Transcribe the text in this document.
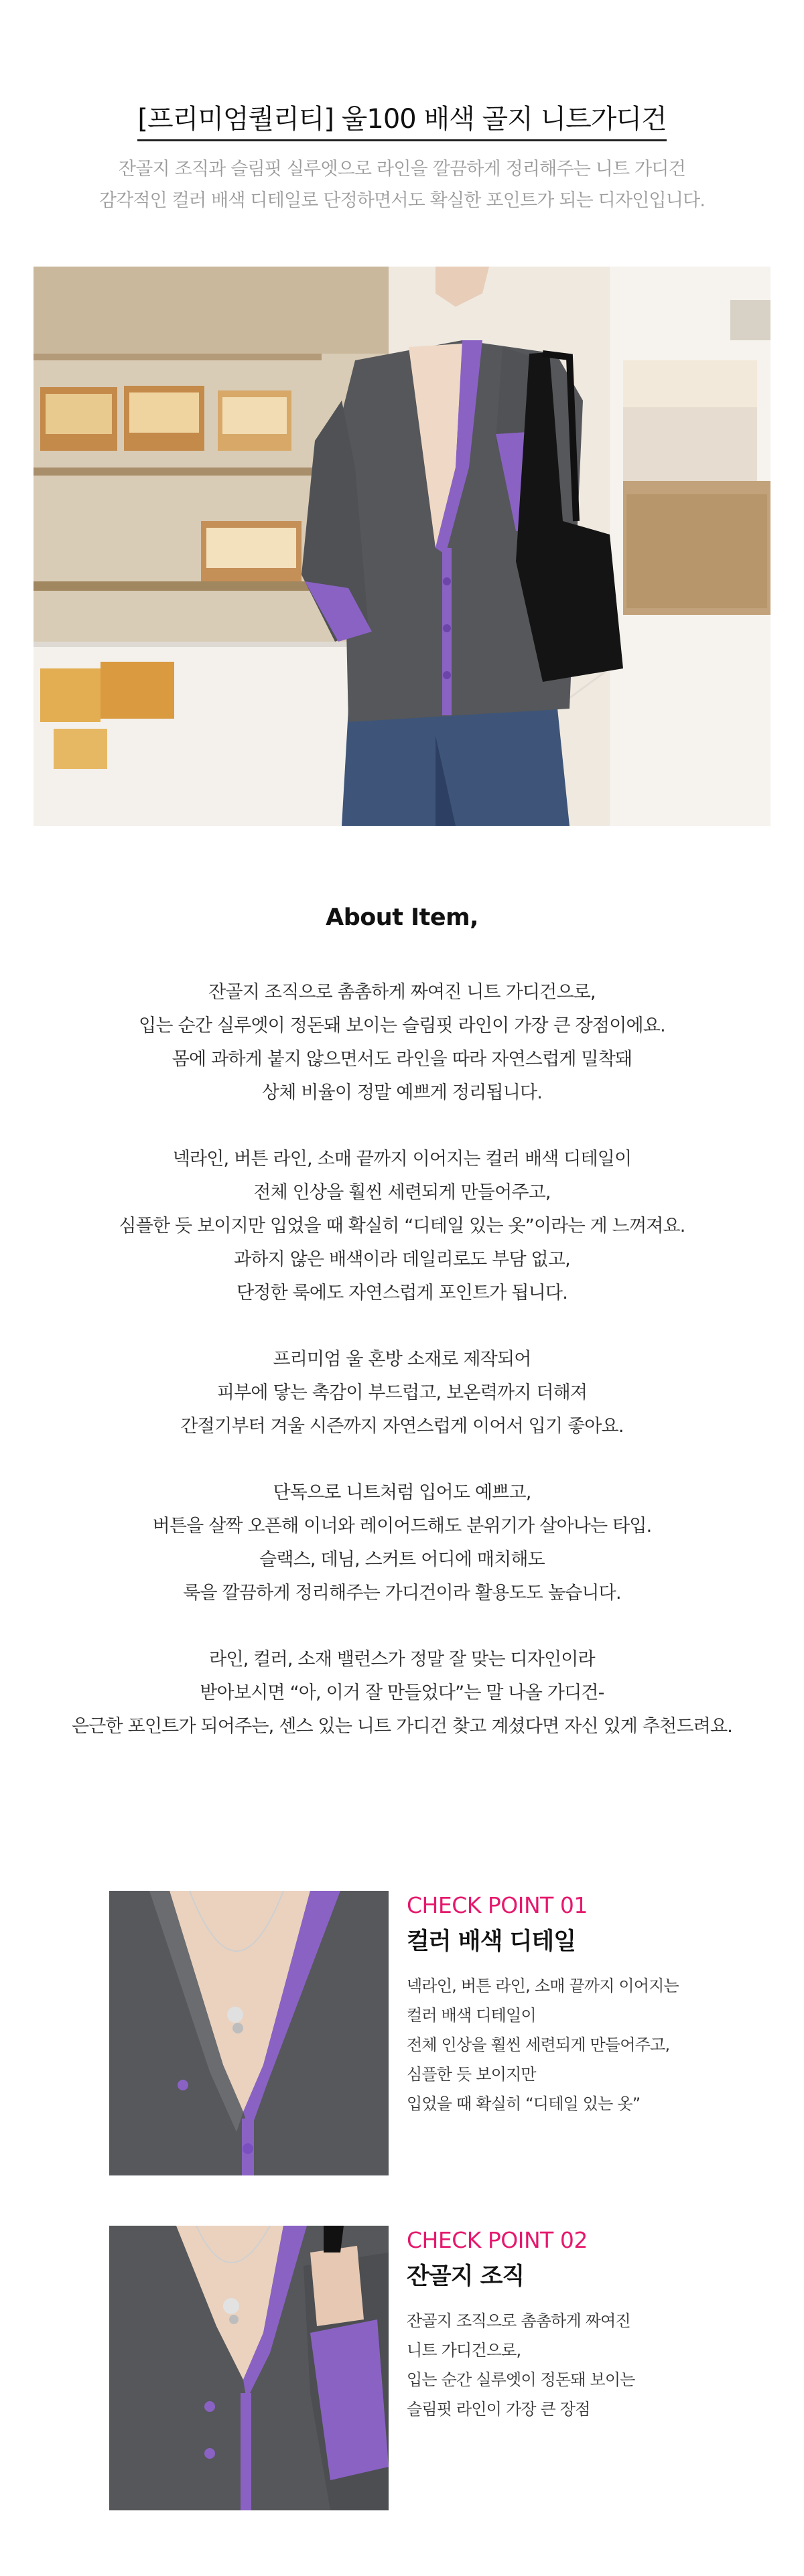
[프리미엄퀄리티] 울100 배색 골지 니트가디건
잔골지 조직과 슬림핏 실루엣으로 라인을 깔끔하게 정리해주는 니트 가디건
감각적인 컬러 배색 디테일로 단정하면서도 확실한 포인트가 되는 디자인입니다.
About Item,

잔골지 조직으로 촘촘하게 짜여진 니트 가디건으로,
입는 순간 실루엣이 정돈돼 보이는 슬림핏 라인이 가장 큰 장점이에요.
몸에 과하게 붙지 않으면서도 라인을 따라 자연스럽게 밀착돼
상체 비율이 정말 예쁘게 정리됩니다.

넥라인, 버튼 라인, 소매 끝까지 이어지는 컬러 배색 디테일이
전체 인상을 훨씬 세련되게 만들어주고,
심플한 듯 보이지만 입었을 때 확실히 “디테일 있는 옷”이라는 게 느껴져요.
과하지 않은 배색이라 데일리로도 부담 없고,
단정한 룩에도 자연스럽게 포인트가 됩니다.

프리미엄 울 혼방 소재로 제작되어
피부에 닿는 촉감이 부드럽고, 보온력까지 더해져
간절기부터 겨울 시즌까지 자연스럽게 이어서 입기 좋아요.

단독으로 니트처럼 입어도 예쁘고,
버튼을 살짝 오픈해 이너와 레이어드해도 분위기가 살아나는 타입.
슬랙스, 데님, 스커트 어디에 매치해도
룩을 깔끔하게 정리해주는 가디건이라 활용도도 높습니다.

라인, 컬러, 소재 밸런스가 정말 잘 맞는 디자인이라
받아보시면 “아, 이거 잘 만들었다”는 말 나올 가디건-
은근한 포인트가 되어주는, 센스 있는 니트 가디건 찾고 계셨다면 자신 있게 추천드려요.

CHECK POINT 01
컬러 배색 디테일
넥라인, 버튼 라인, 소매 끝까지 이어지는
컬러 배색 디테일이
전체 인상을 훨씬 세련되게 만들어주고,
심플한 듯 보이지만
입었을 때 확실히 “디테일 있는 옷”
CHECK POINT 02
잔골지 조직
잔골지 조직으로 촘촘하게 짜여진
니트 가디건으로,
입는 순간 실루엣이 정돈돼 보이는
슬림핏 라인이 가장 큰 장점
